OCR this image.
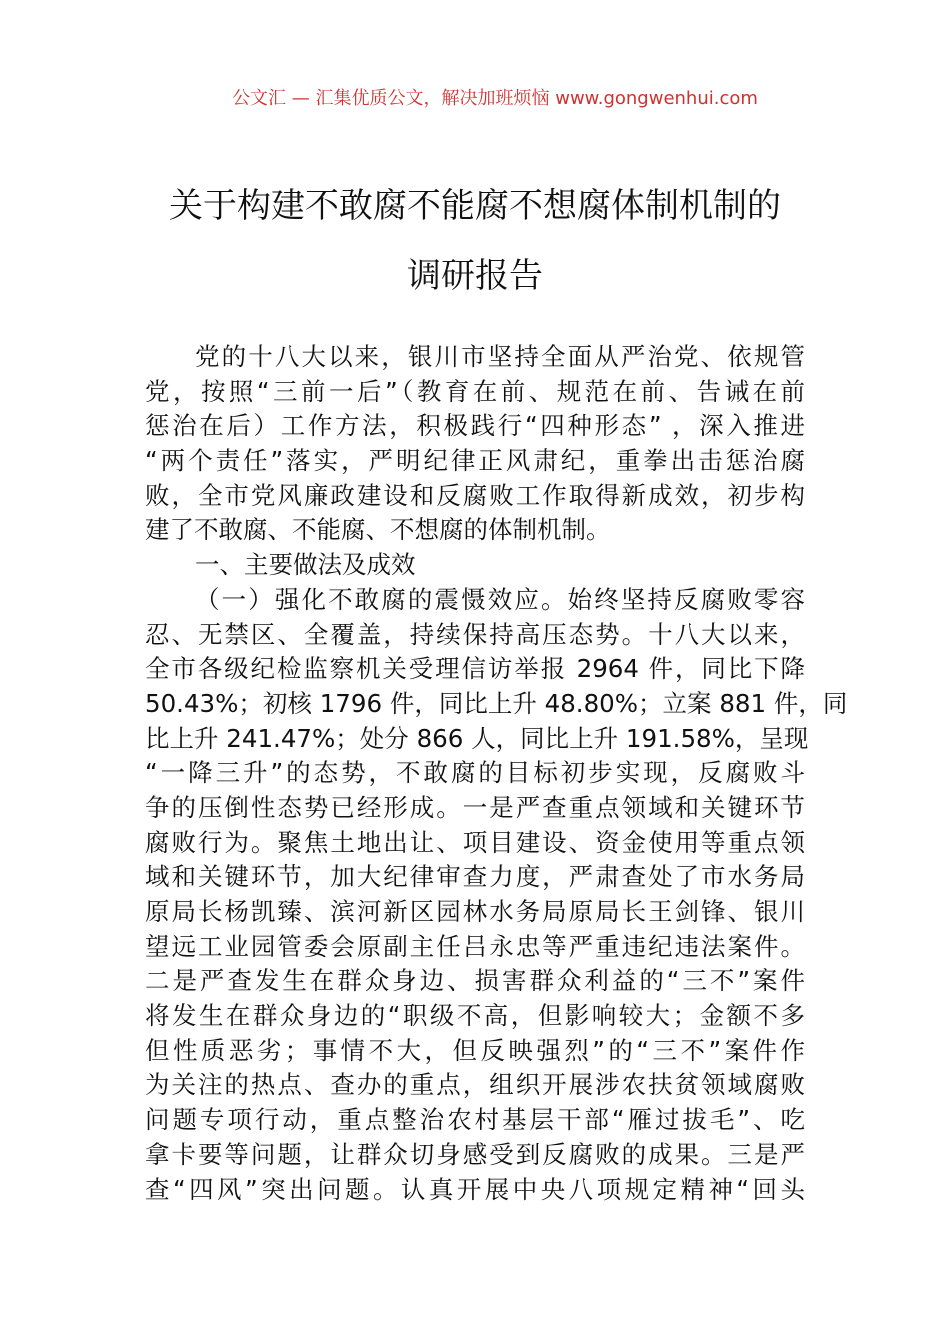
公文汇 — 汇集优质公文，解决加班烦恼 www.gongwenhui.com
关于构建不敢腐不能腐不想腐体制机制的
调研报告
党的十八大以来，银川市坚持全面从严治党、依规管
党，按照“三前一后”（教育在前、规范在前、告诫在前
惩治在后）工作方法，积极践行“四种形态” ，深入推进
“两个责任”落实，严明纪律正风肃纪，重拳出击惩治腐
败，全市党风廉政建设和反腐败工作取得新成效，初步构
建了不敢腐、不能腐、不想腐的体制机制。
一、主要做法及成效
（一）强化不敢腐的震慑效应。始终坚持反腐败零容
忍、无禁区、全覆盖，持续保持高压态势。十八大以来，
全市各级纪检监察机关受理信访举报 2964 件，同比下降
50.43%；初核 1796 件，同比上升 48.80%；立案 881 件，同
比上升 241.47%；处分 866 人，同比上升 191.58%，呈现
“一降三升”的态势，不敢腐的目标初步实现，反腐败斗
争的压倒性态势已经形成。一是严查重点领域和关键环节
腐败行为。聚焦土地出让、项目建设、资金使用等重点领
域和关键环节，加大纪律审查力度，严肃查处了市水务局
原局长杨凯臻、滨河新区园林水务局原局长王剑锋、银川
望远工业园管委会原副主任吕永忠等严重违纪违法案件。
二是严查发生在群众身边、损害群众利益的“三不”案件
将发生在群众身边的“职级不高，但影响较大；金额不多
但性质恶劣；事情不大，但反映强烈”的“三不”案件作
为关注的热点、查办的重点，组织开展涉农扶贫领域腐败
问题专项行动，重点整治农村基层干部“雁过拔毛”、吃
拿卡要等问题，让群众切身感受到反腐败的成果。三是严
查“四风”突出问题。认真开展中央八项规定精神“回头
